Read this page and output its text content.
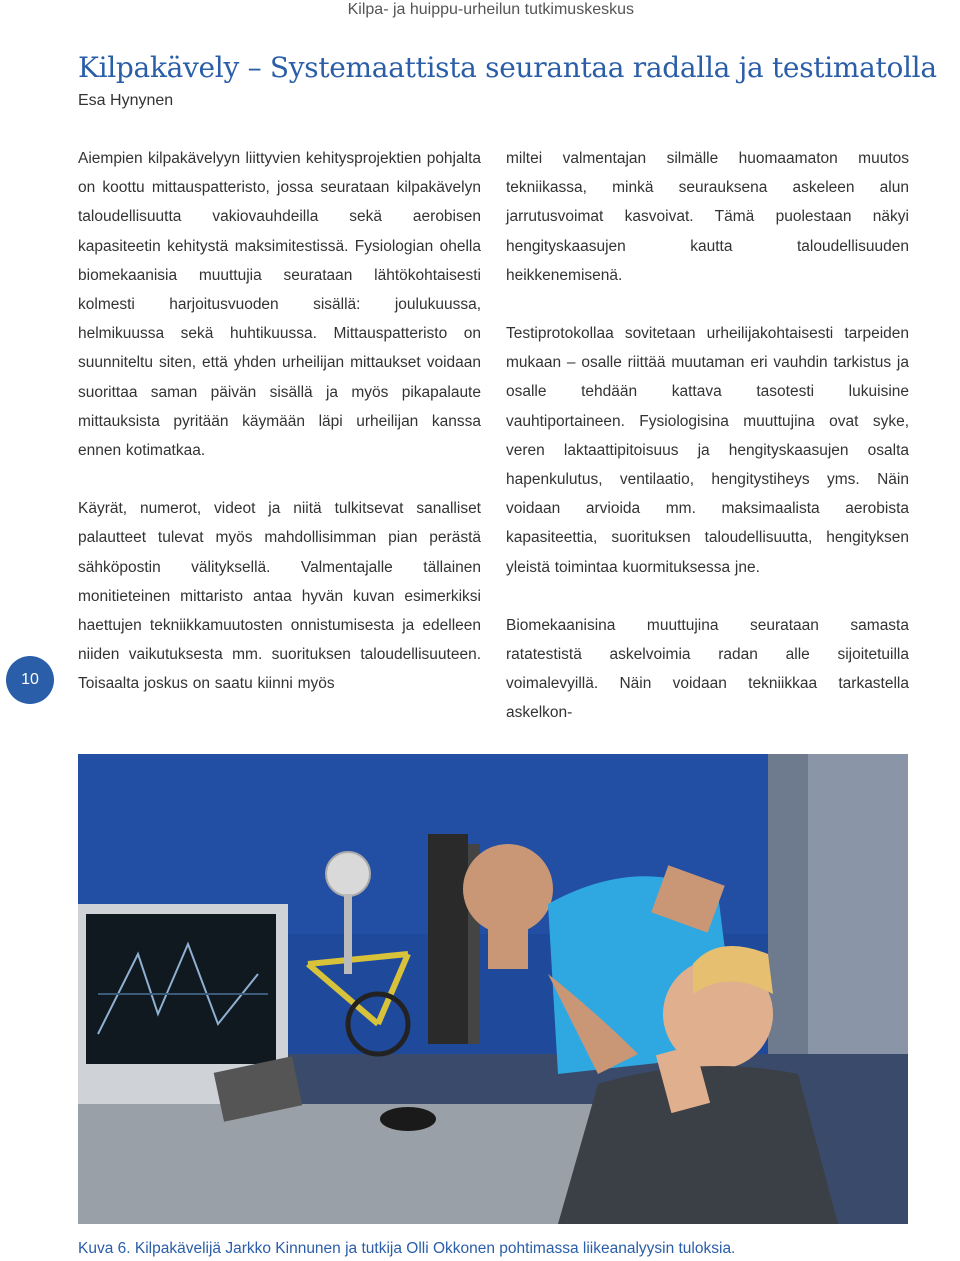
Kilpa- ja huippu-urheilun tutkimuskeskus
Kilpakävely – Systemaattista seurantaa radalla ja testimatolla
Esa Hynynen

Aiempien kilpakävelyyn liittyvien kehitysprojektien pohjalta on koottu mittauspatteristo, jossa seurataan kilpakävelyn taloudellisuutta vakiovauhdeilla sekä aerobisen kapasiteetin kehitystä maksimitestissä. Fysiologian ohella biomekaanisia muuttujia seurataan lähtökohtaisesti kolmesti harjoitusvuoden sisällä: joulukuussa, helmikuussa sekä huhtikuussa. Mittauspatteristo on suunniteltu siten, että yhden urheilijan mittaukset voidaan suorittaa saman päivän sisällä ja myös pikapalaute mittauksista pyritään käymään läpi urheilijan kanssa ennen kotimatkaa.

Käyrät, numerot, videot ja niitä tulkitsevat sanalliset palautteet tulevat myös mahdollisimman pian perästä sähköpostin välityksellä. Valmentajalle tällainen monitieteinen mittaristo antaa hyvän kuvan esimerkiksi haettujen tekniikkamuutosten onnistumisesta ja edelleen niiden vaikutuksesta mm. suorituksen taloudellisuuteen. Toisaalta joskus on saatu kiinni myös

miltei valmentajan silmälle huomaamaton muutos tekniikassa, minkä seurauksena askeleen alun jarrutusvoimat kasvoivat. Tämä puolestaan näkyi hengityskaasujen kautta taloudellisuuden heikkenemisenä.

Testiprotokollaa sovitetaan urheilijakohtaisesti tarpeiden mukaan – osalle riittää muutaman eri vauhdin tarkistus ja osalle tehdään kattava tasotesti lukuisine vauhtiportaineen. Fysiologisina muuttujina ovat syke, veren laktaattipitoisuus ja hengityskaasujen osalta hapenkulutus, ventilaatio, hengitystiheys yms. Näin voidaan arvioida mm. maksimaalista aerobista kapasiteettia, suorituksen taloudellisuutta, hengityksen yleistä toimintaa kuormituksessa jne.

Biomekaanisina muuttujina seurataan samasta ratatestistä askelvoimia radan alle sijoitetuilla voimalevyillä. Näin voidaan tekniikkaa tarkastella askelkon-

10
Kuva 6. Kilpakävelijä Jarkko Kinnunen ja tutkija Olli Okkonen pohtimassa liikeanalyysin tuloksia.
